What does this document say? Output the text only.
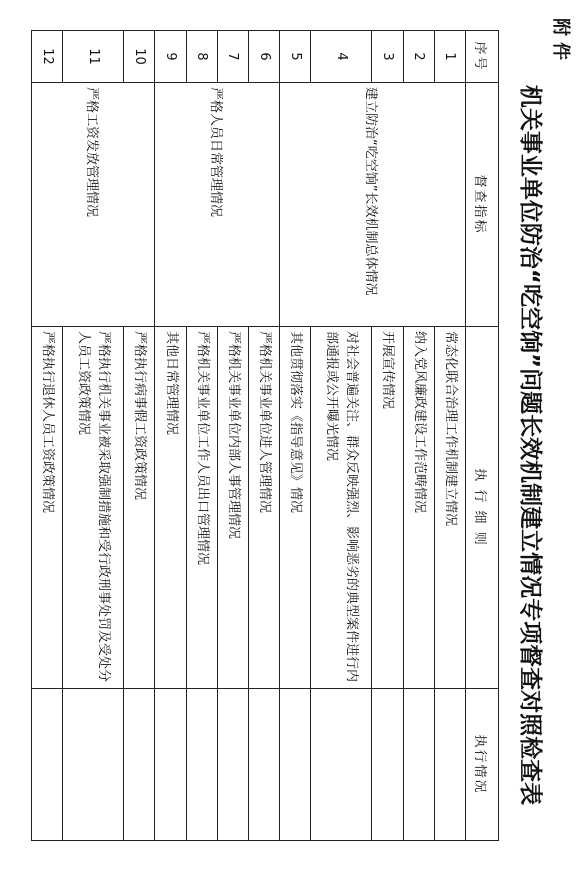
附件
机关事业单位防治“吃空饷”问题长效机制建立情况专项督查对照检查表
序号	督查指标	执 行 细 则	执行情况
1	建立防治“吃空饷”长效机制总体情况	常态化联合治理工作机制建立情况	
2		纳入党风廉政建设工作范畴情况	
3		开展宣传情况	
4		对社会普遍关注、群众反映强烈、影响恶劣的典型案件进行内部通报或公开曝光情况	
5		其他贯彻落实《指导意见》情况	
6	严格人员日常管理情况	严格机关事业单位进人管理情况	
7		严格机关事业单位内部人事管理情况	
8		严格机关事业单位工作人员出口管理情况	
9		其他日常管理情况	
10	严格工资发放管理情况	严格执行病事假工资政策情况	
11		严格执行机关事业被采取强制措施和受行政刑事处罚及受处分人员工资政策情况	
12		严格执行退休人员工资政策情况	
